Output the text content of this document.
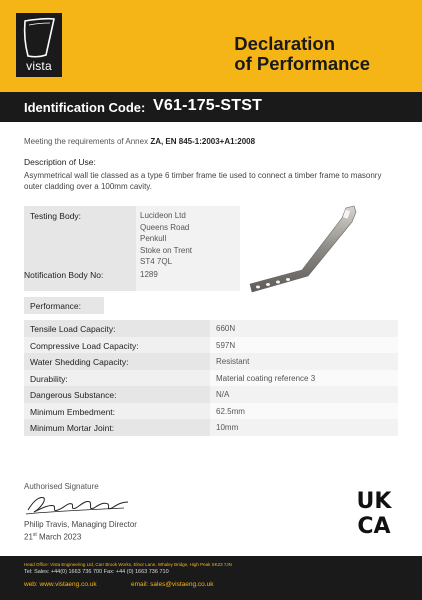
vista
Declaration
of Performance
Identification Code: V61-175-STST
Meeting the requirements of Annex ZA, EN 845-1:2003+A1:2008
Description of Use:
Asymmetrical wall tie classed as a type 6 timber frame tie used to connect a timber frame to masonry outer cladding over a 100mm cavity.
Testing Body:	Lucideon Ltd
Queens Road
Penkull
Stoke on Trent
ST4 7QL
Notification Body No:	1289
Performance:
Tensile Load Capacity:	660N
Compressive Load Capacity:	597N
Water Shedding Capacity:	Resistant
Durability:	Material coating reference 3
Dangerous Substance:	N/A
Minimum Embedment:	62.5mm
Minimum Mortar Joint:	10mm
Authorised Signature
Philip Travis, Managing Director
21st March 2023
UK
CA
Head Office: Vista Engineering Ltd, Carr Brook Works, Elnor Lane, Whaley Bridge, High Peak SK23 7JN
Tel: Sales: +44(0) 1663 736 700 Fax: +44 (0) 1663 736 710
web: www.vistaeng.co.uk	email: sales@vistaeng.co.uk
